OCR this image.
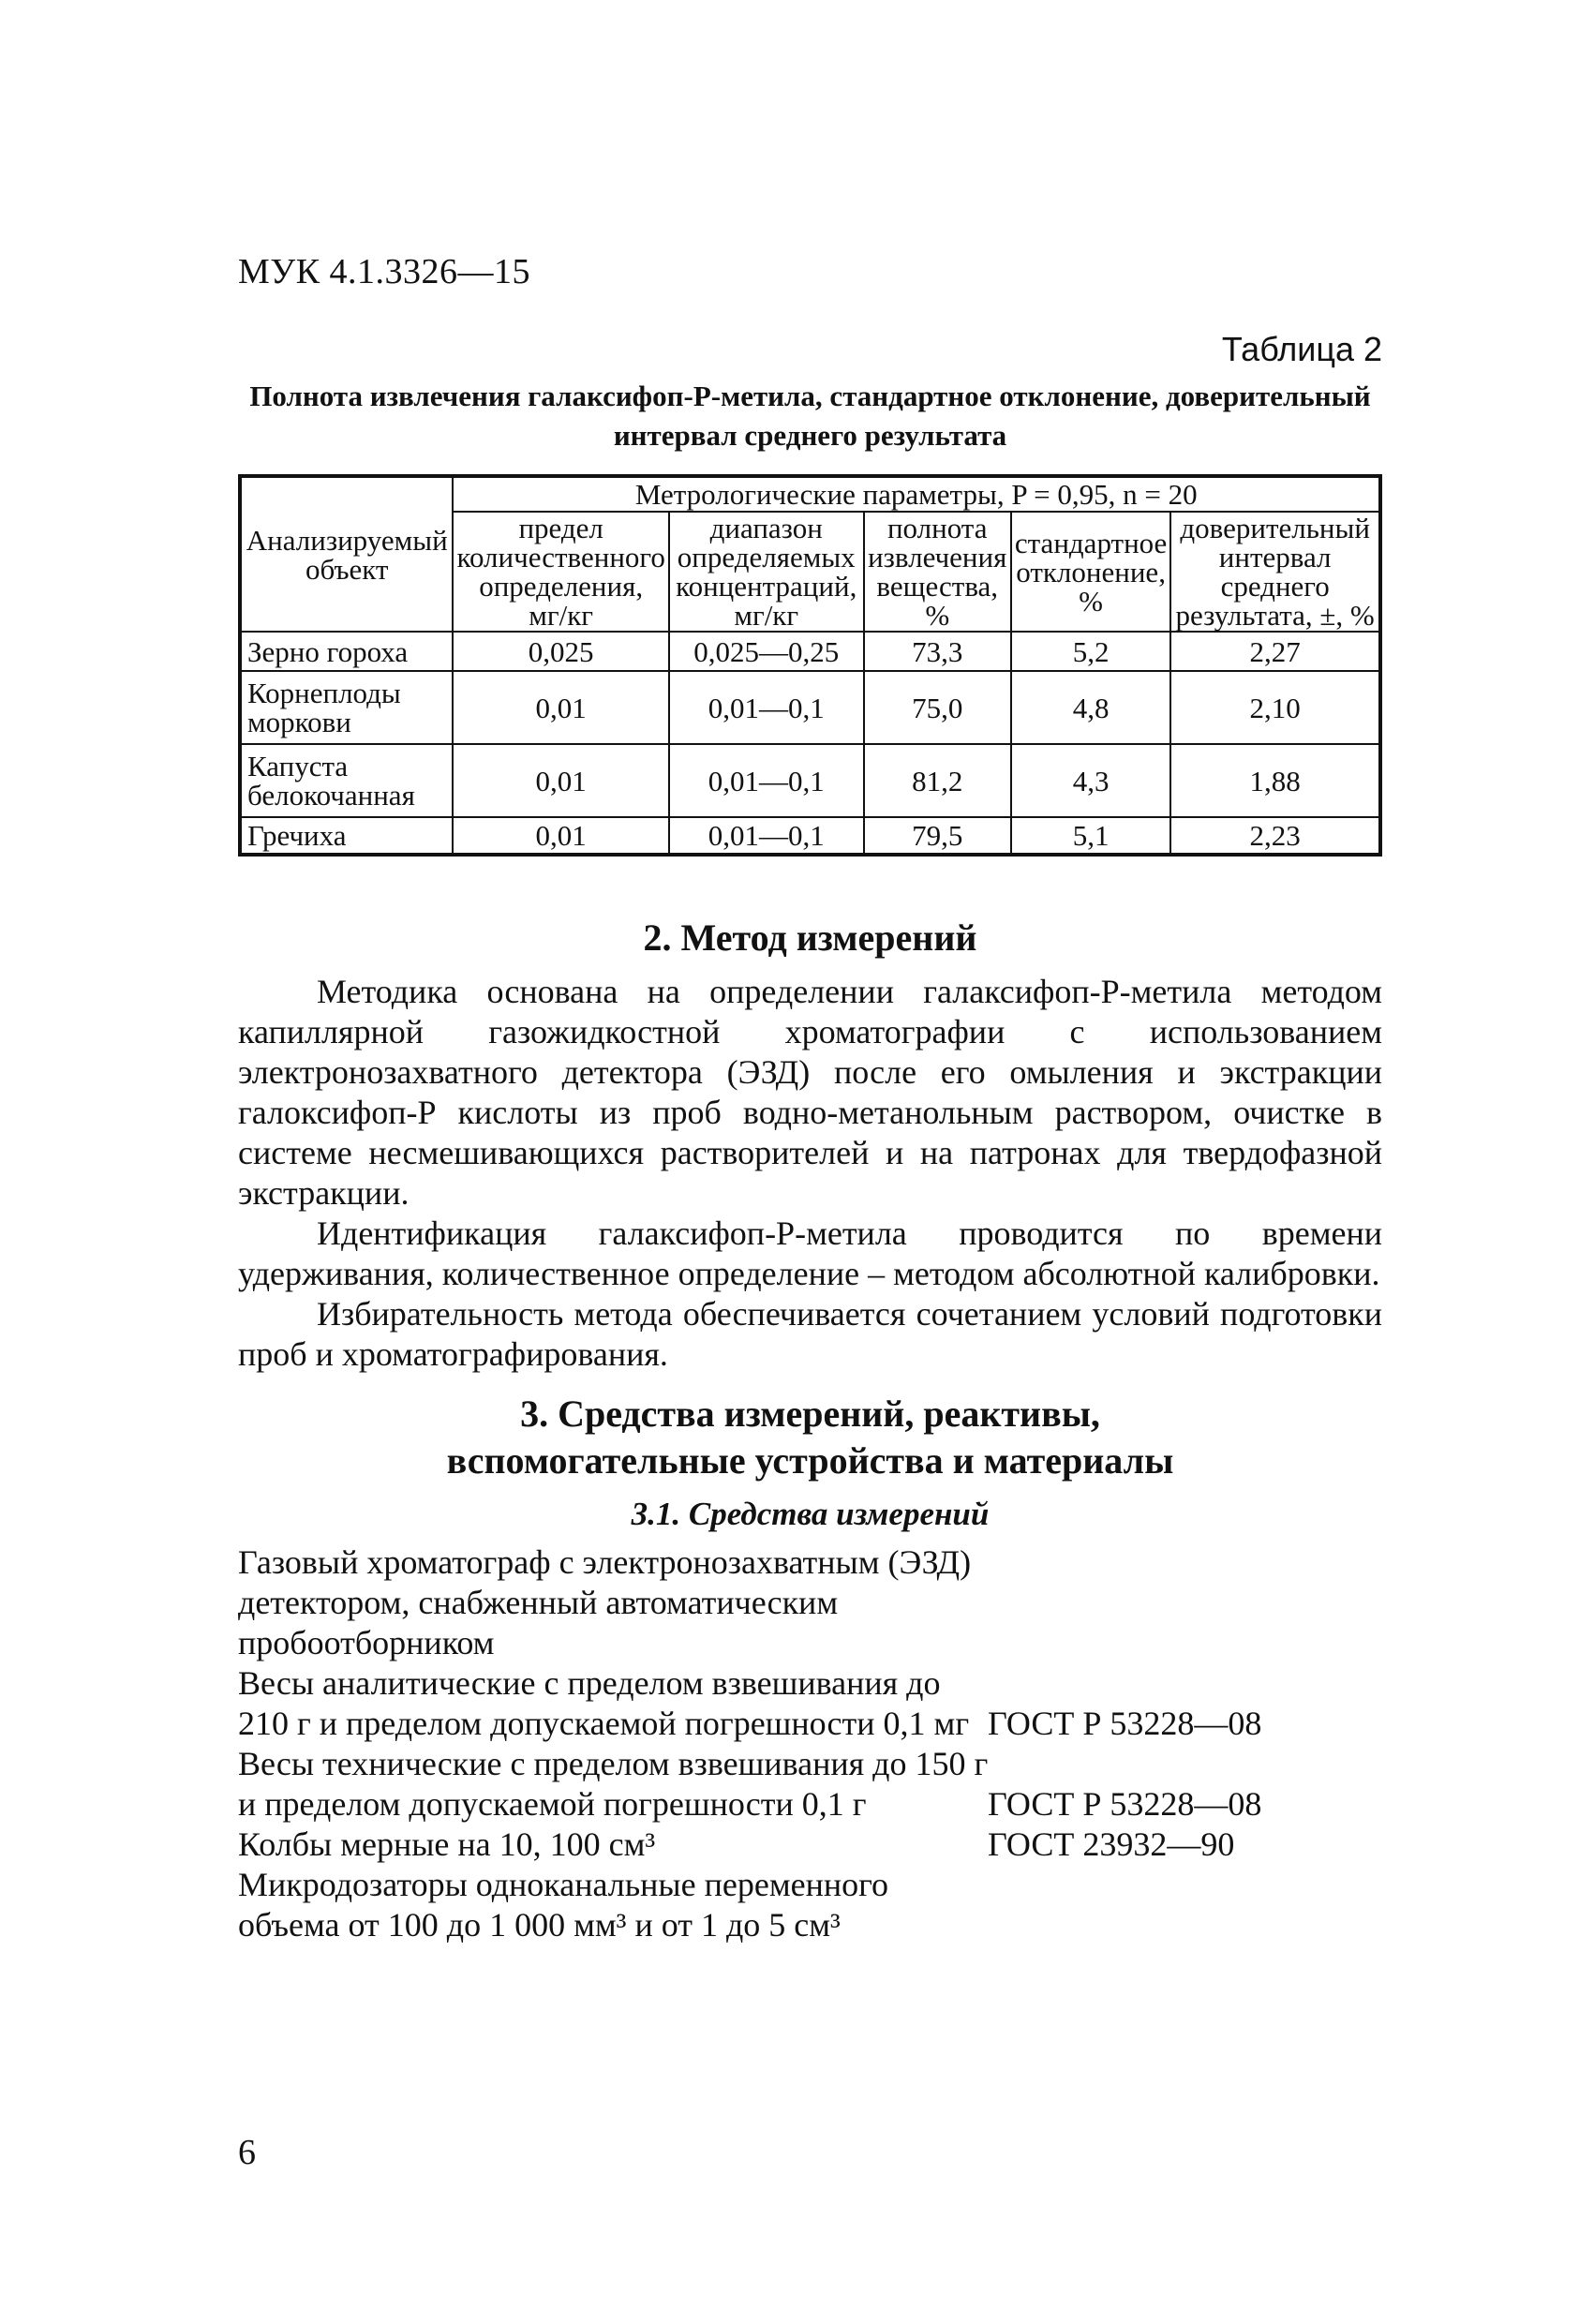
МУК 4.1.3326—15
Таблица 2
Полнота извлечения галаксифоп-Р-метила, стандартное отклонение, доверительный интервал среднего результата
Анализируемый объект	Метрологические параметры, P = 0,95, n = 20				
	предел количественного определения, мг/кг	диапазон определяемых концентраций, мг/кг	полнота извлечения вещества, %	стандартное отклонение, %	доверительный интервал среднего результата, ±, %
Зерно гороха	0,025	0,025—0,25	73,3	5,2	2,27
Корнеплоды моркови	0,01	0,01—0,1	75,0	4,8	2,10
Капуста белокочанная	0,01	0,01—0,1	81,2	4,3	1,88
Гречиха	0,01	0,01—0,1	79,5	5,1	2,23
2. Метод измерений

Методика основана на определении галаксифоп-Р-метила методом капиллярной газожидкостной хроматографии с использованием электронозахватного детектора (ЭЗД) после его омыления и экстракции галоксифоп-Р кислоты из проб водно-метанольным раствором, очистке в системе несмешивающихся растворителей и на патронах для твердофазной экстракции.

Идентификация галаксифоп-Р-метила проводится по времени удерживания, количественное определение – методом абсолютной калибровки.

Избирательность метода обеспечивается сочетанием условий подготовки проб и хроматографирования.

3. Средства измерений, реактивы,
вспомогательные устройства и материалы
3.1. Средства измерений
Газовый хроматограф с электронозахватным (ЭЗД) детектором, снабженный автоматическим пробоотборником
Весы аналитические с пределом взвешивания до 210 г и пределом допускаемой погрешности 0,1 мг ГОСТ Р 53228—08
Весы технические с пределом взвешивания до 150 г и пределом допускаемой погрешности 0,1 г	ГОСТ Р 53228—08
Колбы мерные на 10, 100 см³	ГОСТ 23932—90
Микродозаторы одноканальные переменного объема от 100 до 1 000 мм³ и от 1 до 5 см³
6
